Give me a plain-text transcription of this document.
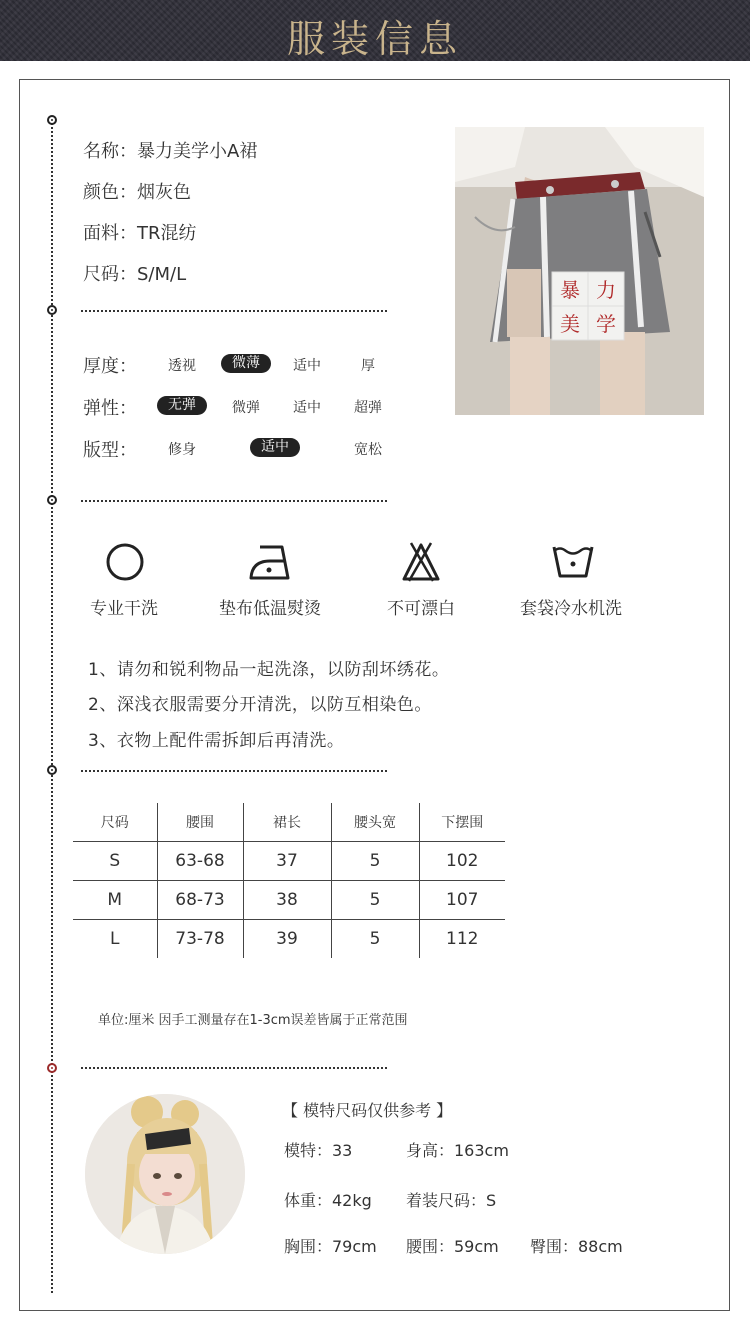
服装信息
名称：暴力美学小A裙
颜色：烟灰色
面料：TR混纺
尺码：S/M/L
暴 力
美 学
厚度：	透视	微薄	适中	厚
弹性：	无弹	微弹	适中	超弹
版型：	修身	适中	宽松
专业干洗	垫布低温熨烫	不可漂白	套袋冷水机洗
1、请勿和锐利物品一起洗涤，以防刮坏绣花。
2、深浅衣服需要分开清洗，以防互相染色。
3、衣物上配件需拆卸后再清洗。
尺码	腰围	裙长	腰头宽	下摆围
S	63-68	37	5	102
M	68-73	38	5	107
L	73-78	39	5	112
单位:厘米 因手工测量存在1-3cm误差皆属于正常范围
【 模特尺码仅供参考 】
模特：33	身高：163cm
体重：42kg 着装尺码：S
胸围：79cm 腰围：59cm 臀围：88cm
